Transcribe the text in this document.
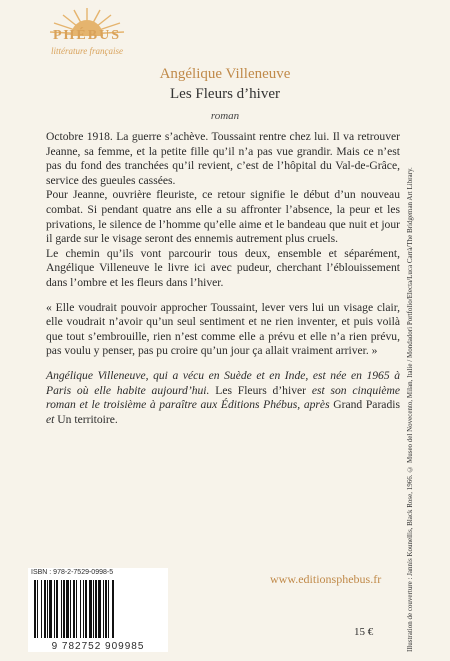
PHÉBUS
littérature française
Angélique Villeneuve
Les Fleurs d’hiver
roman

Octobre 1918. La guerre s’achève. Toussaint rentre chez lui. Il va retrouver Jeanne, sa femme, et la petite fille qu’il n’a pas vue grandir. Mais ce n’est pas du fond des tranchées qu’il revient, c’est de l’hôpital du Val-de-Grâce, service des gueules cassées.

Pour Jeanne, ouvrière fleuriste, ce retour signifie le début d’un nouveau combat. Si pendant quatre ans elle a su affronter l’absence, la peur et les privations, le silence de l’homme qu’elle aime et le bandeau que nuit et jour il garde sur le visage seront des ennemis autrement plus cruels.

Le chemin qu’ils vont parcourir tous deux, ensemble et séparément, Angélique Villeneuve le livre ici avec pudeur, cherchant l’éblouissement dans l’ombre et les fleurs dans l’hiver.

« Elle voudrait pouvoir approcher Toussaint, lever vers lui un visage clair, elle voudrait n’avoir qu’un seul sentiment et ne rien inventer, et puis voilà que tout s’embrouille, rien n’est comme elle a prévu et elle n’a rien prévu, pas voulu y penser, pas pu croire qu’un jour ça allait vraiment arriver. »

Angélique Villeneuve, qui a vécu en Suède et en Inde, est née en 1965 à Paris où elle habite aujourd’hui. Les Fleurs d’hiver est son cinquième roman et le troisième à paraître aux Éditions Phébus, après Grand Paradis et Un territoire.	Illustration de couverture : Jannis Kounellis, Black Rose, 1966. © Museo del Novecento, Milan, Italie / Mondadori Portfolio/Electa/Luca Carrà/The Bridgeman Art Library.
ISBN : 978-2-7529-0998-5
9 782752 909985
www.editionsphebus.fr
15 €
